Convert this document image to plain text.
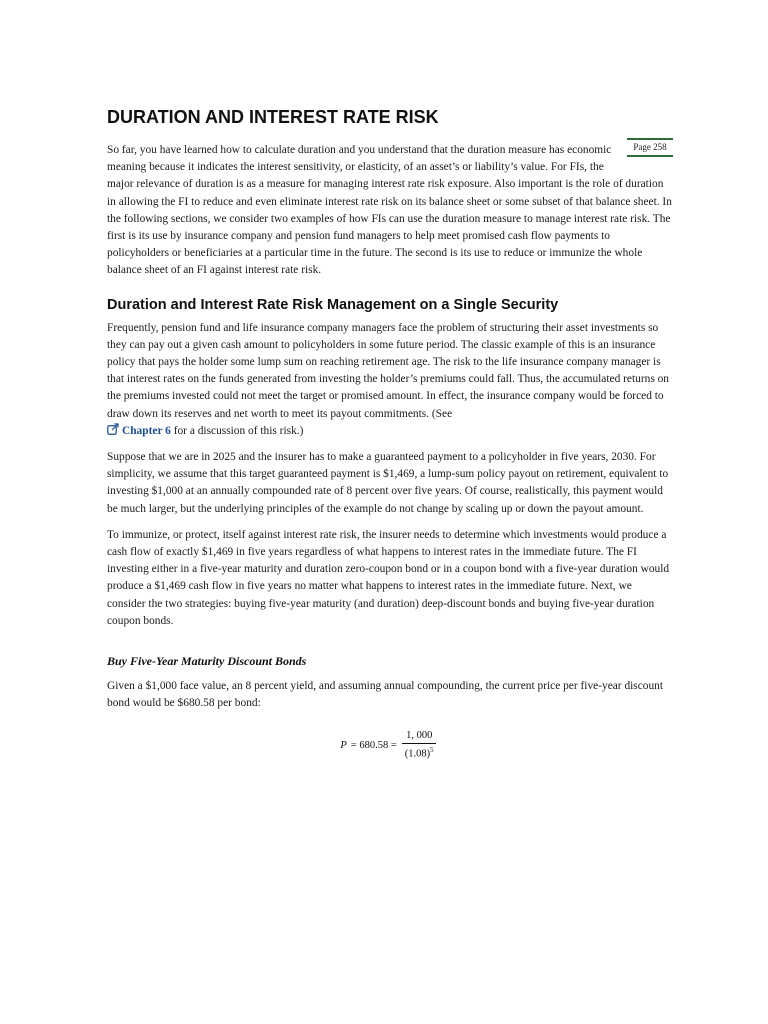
DURATION AND INTEREST RATE RISK
Page 258

So far, you have learned how to calculate duration and you understand that the duration measure has economic meaning because it indicates the interest sensitivity, or elasticity, of an asset’s or liability’s value. For FIs, the major relevance of duration is as a measure for managing interest rate risk exposure. Also important is the role of duration in allowing the FI to reduce and even eliminate interest rate risk on its balance sheet or some subset of that balance sheet. In the following sections, we consider two examples of how FIs can use the duration measure to manage interest rate risk. The first is its use by insurance company and pension fund managers to help meet promised cash flow payments to policyholders or beneficiaries at a particular time in the future. The second is its use to reduce or immunize the whole balance sheet of an FI against interest rate risk.

Duration and Interest Rate Risk Management on a Single Security

Frequently, pension fund and life insurance company managers face the problem of structuring their asset investments so they can pay out a given cash amount to policyholders in some future period. The classic example of this is an insurance policy that pays the holder some lump sum on reaching retirement age. The risk to the life insurance company manager is that interest rates on the funds generated from investing the holder’s premiums could fall. Thus, the accumulated returns on the premiums invested could not meet the target or promised amount. In effect, the insurance company would be forced to draw down its reserves and net worth to meet its payout commitments. (See
Chapter 6 for a discussion of this risk.)

Suppose that we are in 2025 and the insurer has to make a guaranteed payment to a policyholder in five years, 2030. For simplicity, we assume that this target guaranteed payment is $1,469, a lump-sum policy payout on retirement, equivalent to investing $1,000 at an annually compounded rate of 8 percent over five years. Of course, realistically, this payment would be much larger, but the underlying principles of the example do not change by scaling up or down the payout amount.

To immunize, or protect, itself against interest rate risk, the insurer needs to determine which investments would produce a cash flow of exactly $1,469 in five years regardless of what happens to interest rates in the immediate future. The FI investing either in a five-year maturity and duration zero-coupon bond or in a coupon bond with a five-year duration would produce a $1,469 cash flow in five years no matter what happens to interest rates in the immediate future. Next, we consider the two strategies: buying five-year maturity (and duration) deep-discount bonds and buying five-year duration coupon bonds.

Buy Five-Year Maturity Discount Bonds

Given a $1,000 face value, an 8 percent yield, and assuming annual compounding, the current price per five-year discount bond would be $680.58 per bond:

$P = 680.58 = \frac{1, 000}{(1.08)^5}$
